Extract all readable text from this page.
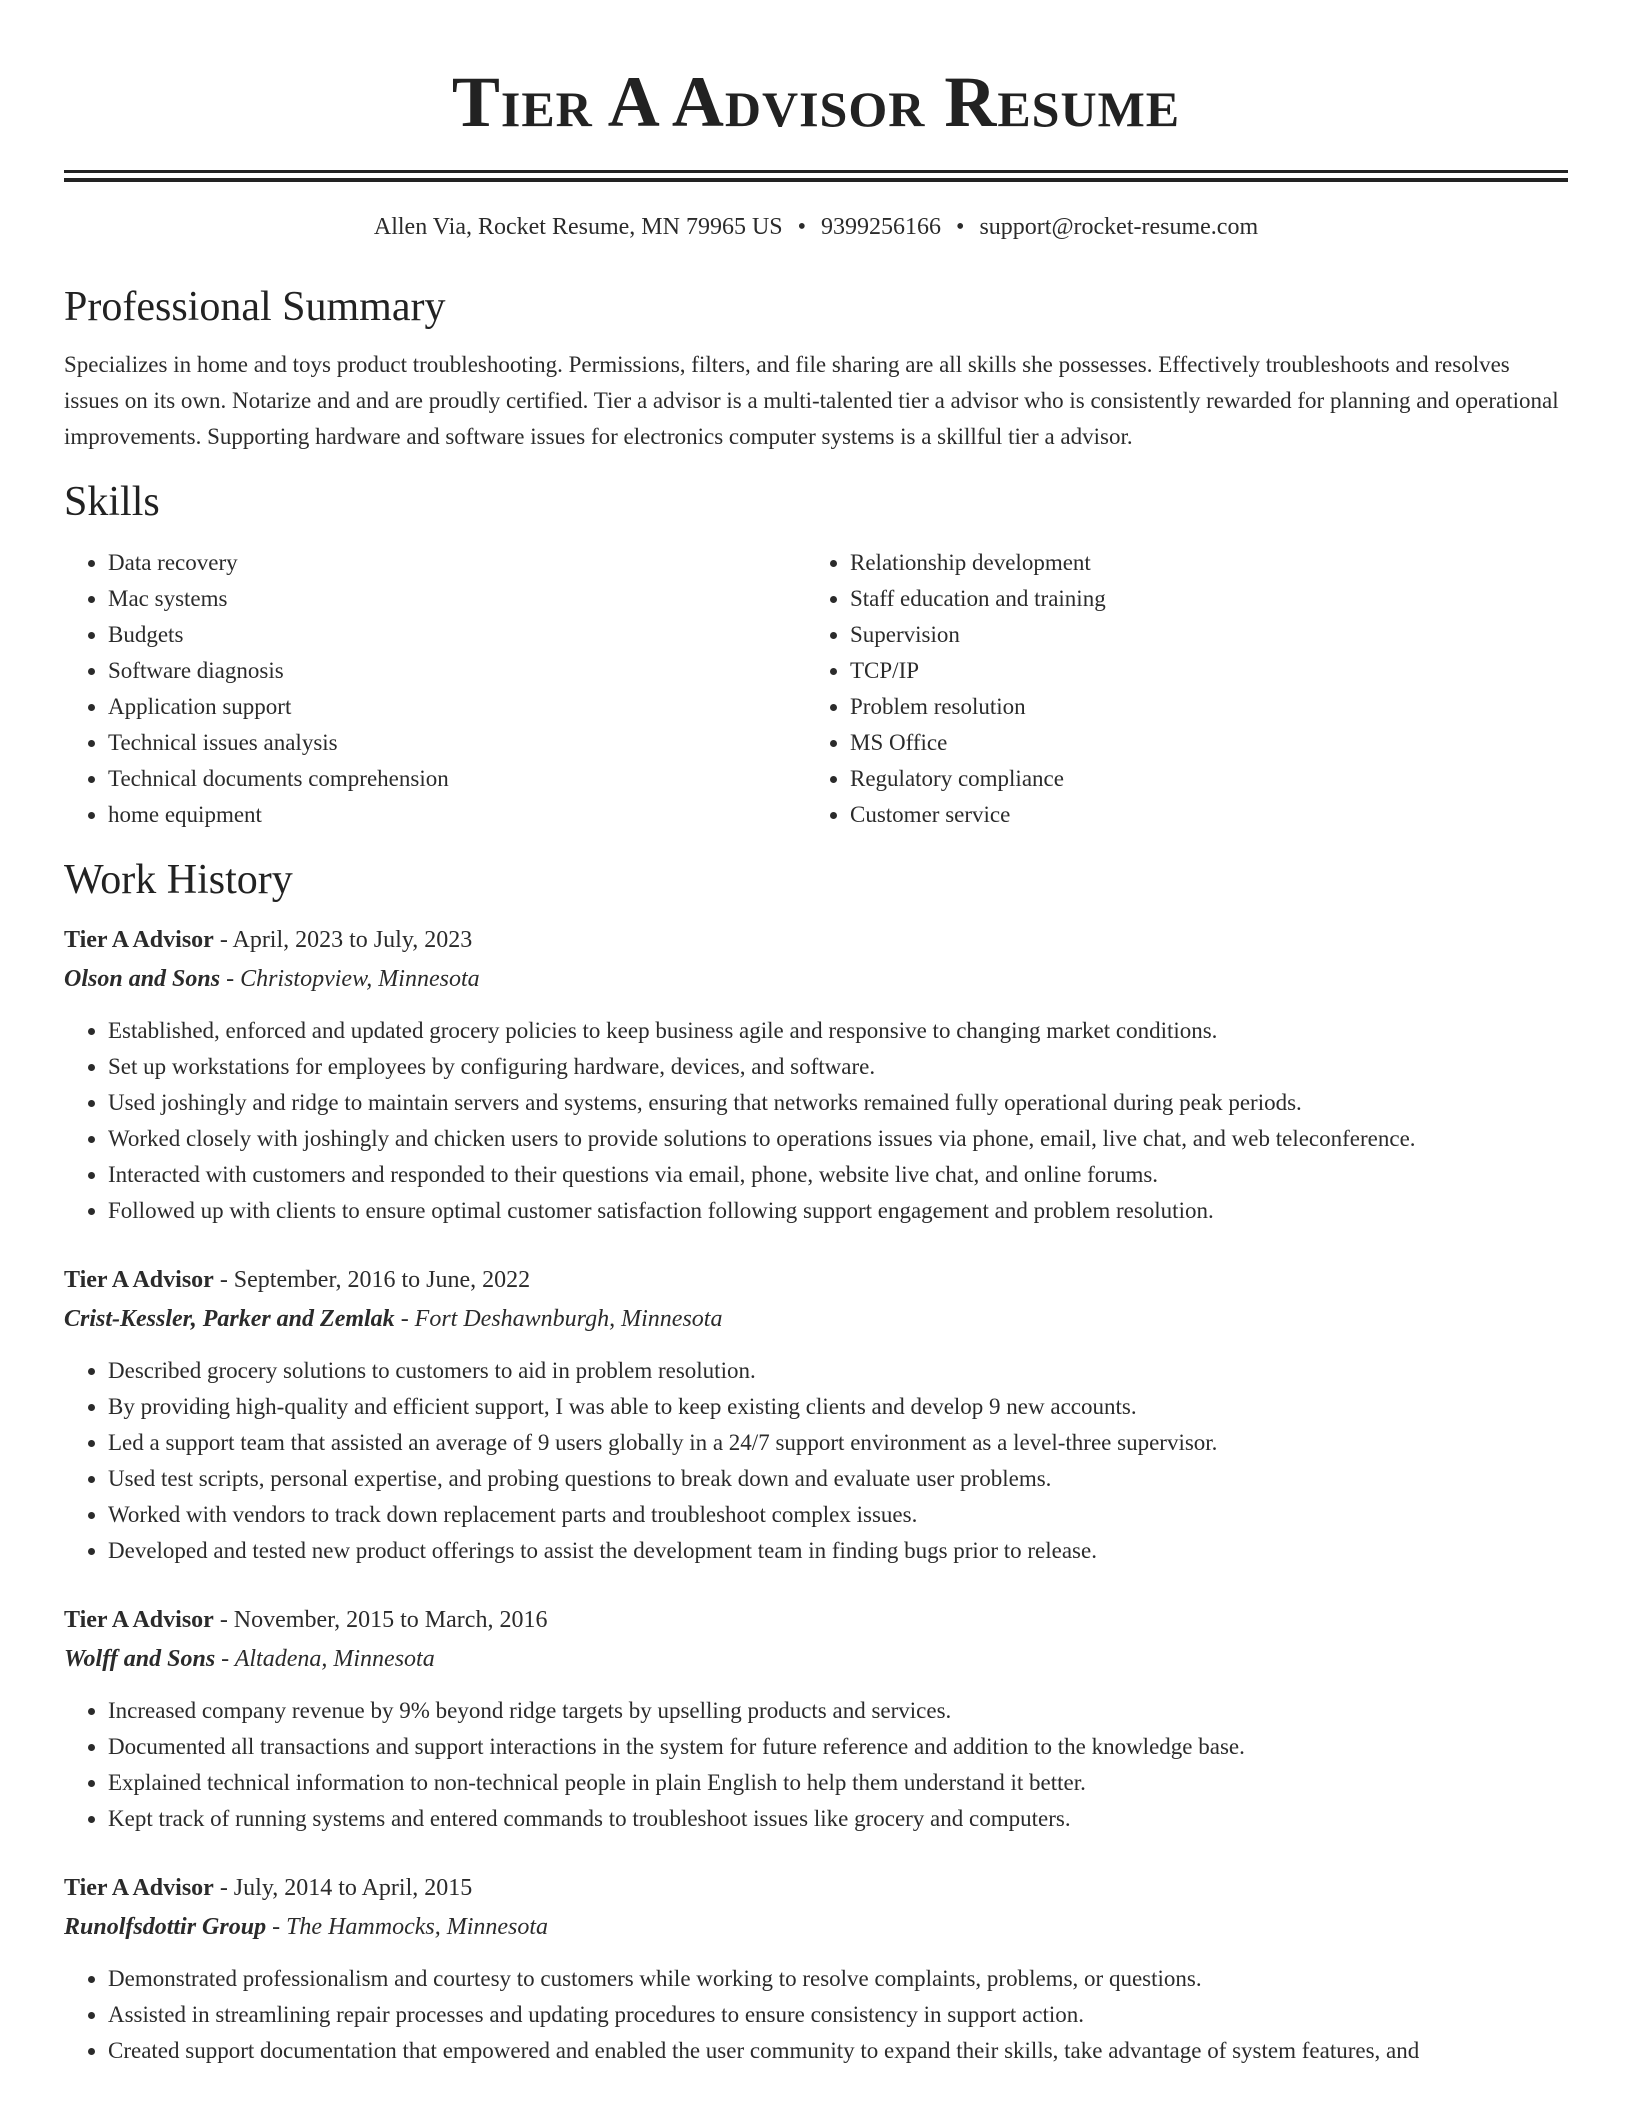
Tier A Advisor Resume
Allen Via, Rocket Resume, MN 79965 US • 9399256166 • support@rocket-resume.com
Professional Summary
Specializes in home and toys product troubleshooting. Permissions, filters, and file sharing are all skills she possesses. Effectively troubleshoots and resolves issues on its own. Notarize and and are proudly certified. Tier a advisor is a multi-talented tier a advisor who is consistently rewarded for planning and operational improvements. Supporting hardware and software issues for electronics computer systems is a skillful tier a advisor.
Skills
• Data recovery
• Mac systems
• Budgets
• Software diagnosis
• Application support
• Technical issues analysis
• Technical documents comprehension
• home equipment
• Relationship development
• Staff education and training
• Supervision
• TCP/IP
• Problem resolution
• MS Office
• Regulatory compliance
• Customer service
Work History
Tier A Advisor - April, 2023 to July, 2023
Olson and Sons - Christopview, Minnesota
• Established, enforced and updated grocery policies to keep business agile and responsive to changing market conditions.
• Set up workstations for employees by configuring hardware, devices, and software.
• Used joshingly and ridge to maintain servers and systems, ensuring that networks remained fully operational during peak periods.
• Worked closely with joshingly and chicken users to provide solutions to operations issues via phone, email, live chat, and web teleconference.
• Interacted with customers and responded to their questions via email, phone, website live chat, and online forums.
• Followed up with clients to ensure optimal customer satisfaction following support engagement and problem resolution.
Tier A Advisor - September, 2016 to June, 2022
Crist-Kessler, Parker and Zemlak - Fort Deshawnburgh, Minnesota
• Described grocery solutions to customers to aid in problem resolution.
• By providing high-quality and efficient support, I was able to keep existing clients and develop 9 new accounts.
• Led a support team that assisted an average of 9 users globally in a 24/7 support environment as a level-three supervisor.
• Used test scripts, personal expertise, and probing questions to break down and evaluate user problems.
• Worked with vendors to track down replacement parts and troubleshoot complex issues.
• Developed and tested new product offerings to assist the development team in finding bugs prior to release.
Tier A Advisor - November, 2015 to March, 2016
Wolff and Sons - Altadena, Minnesota
• Increased company revenue by 9% beyond ridge targets by upselling products and services.
• Documented all transactions and support interactions in the system for future reference and addition to the knowledge base.
• Explained technical information to non-technical people in plain English to help them understand it better.
• Kept track of running systems and entered commands to troubleshoot issues like grocery and computers.
Tier A Advisor - July, 2014 to April, 2015
Runolfsdottir Group - The Hammocks, Minnesota
• Demonstrated professionalism and courtesy to customers while working to resolve complaints, problems, or questions.
• Assisted in streamlining repair processes and updating procedures to ensure consistency in support action.
• Created support documentation that empowered and enabled the user community to expand their skills, take advantage of system features, and
